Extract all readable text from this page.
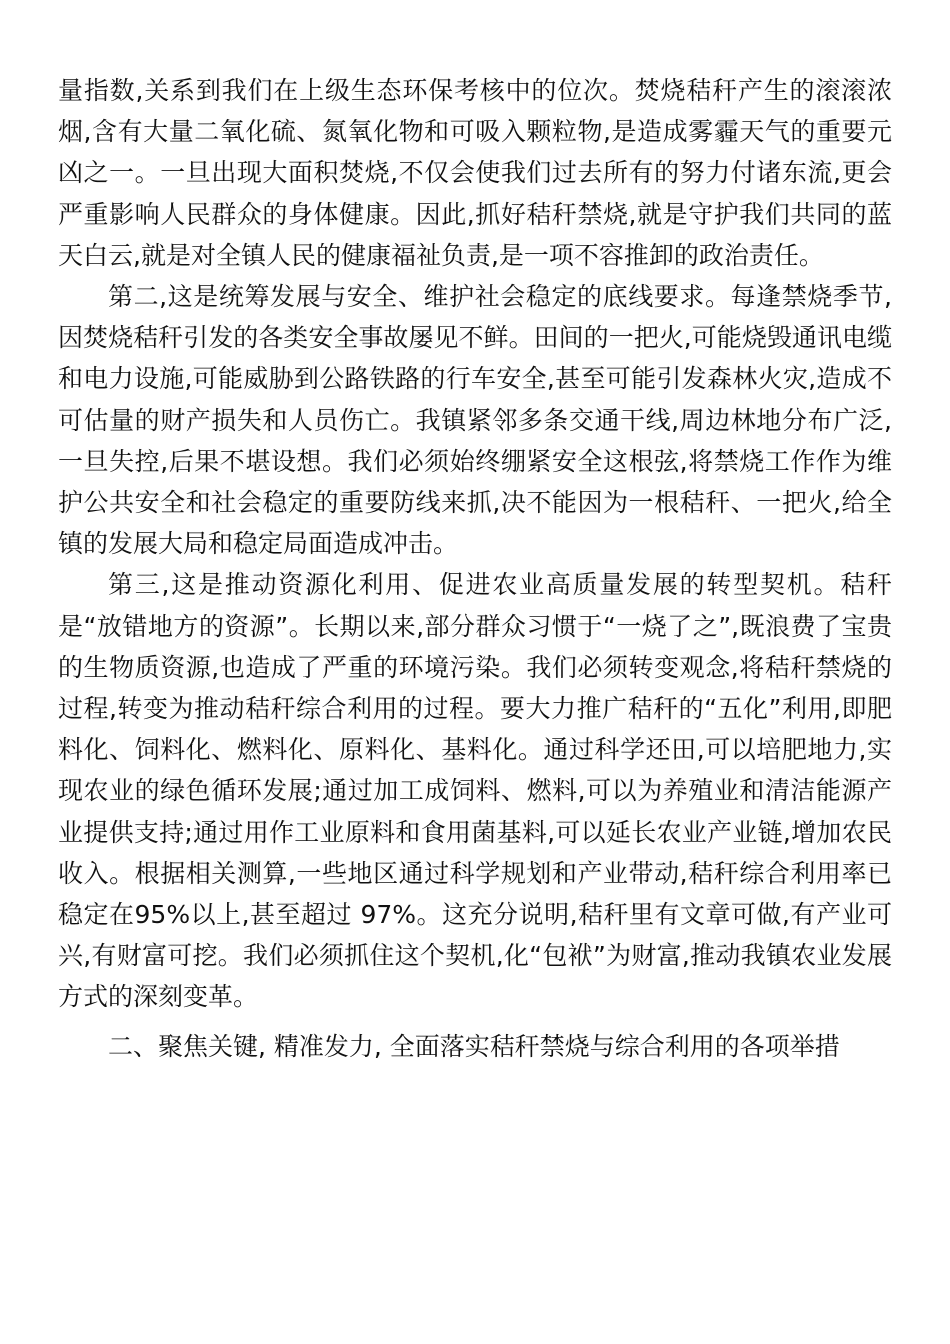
量指数,关系到我们在上级生态环保考核中的位次。焚烧秸秆产生的滚滚浓烟,含有大量二氧化硫、氮氧化物和可吸入颗粒物,是造成雾霾天气的重要元凶之一。一旦出现大面积焚烧,不仅会使我们过去所有的努力付诸东流,更会严重影响人民群众的身体健康。因此,抓好秸秆禁烧,就是守护我们共同的蓝天白云,就是对全镇人民的健康福祉负责,是一项不容推卸的政治责任。

第二,这是统筹发展与安全、维护社会稳定的底线要求。每逢禁烧季节,因焚烧秸秆引发的各类安全事故屡见不鲜。田间的一把火,可能烧毁通讯电缆和电力设施,可能威胁到公路铁路的行车安全,甚至可能引发森林火灾,造成不可估量的财产损失和人员伤亡。我镇紧邻多条交通干线,周边林地分布广泛,一旦失控,后果不堪设想。我们必须始终绷紧安全这根弦,将禁烧工作作为维护公共安全和社会稳定的重要防线来抓,决不能因为一根秸秆、一把火,给全镇的发展大局和稳定局面造成冲击。

第三,这是推动资源化利用、促进农业高质量发展的转型契机。秸秆是“放错地方的资源”。长期以来,部分群众习惯于“一烧了之”,既浪费了宝贵的生物质资源,也造成了严重的环境污染。我们必须转变观念,将秸秆禁烧的过程,转变为推动秸秆综合利用的过程。要大力推广秸秆的“五化”利用,即肥料化、饲料化、燃料化、原料化、基料化。通过科学还田,可以培肥地力,实现农业的绿色循环发展;通过加工成饲料、燃料,可以为养殖业和清洁能源产业提供支持;通过用作工业原料和食用菌基料,可以延长农业产业链,增加农民收入。根据相关测算,一些地区通过科学规划和产业带动,秸秆综合利用率已稳定在95%以上,甚至超过 97%。这充分说明,秸秆里有文章可做,有产业可兴,有财富可挖。我们必须抓住这个契机,化“包袱”为财富,推动我镇农业发展方式的深刻变革。

二、聚焦关键, 精准发力, 全面落实秸秆禁烧与综合利用的各项举措
